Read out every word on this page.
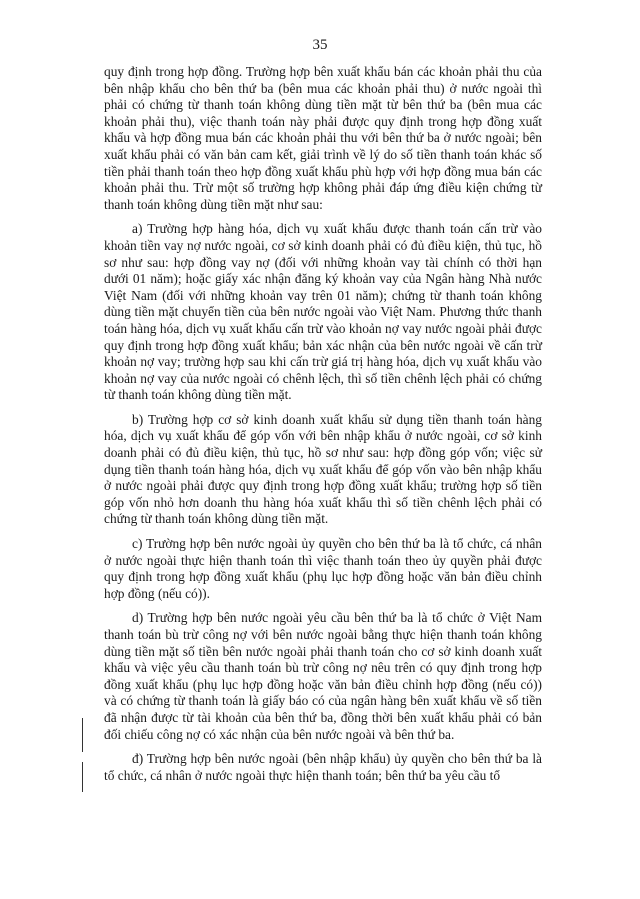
35

quy định trong hợp đồng. Trường hợp bên xuất khẩu bán các khoản phải thu của bên nhập khẩu cho bên thứ ba (bên mua các khoản phải thu) ở nước ngoài thì phải có chứng từ thanh toán không dùng tiền mặt từ bên thứ ba (bên mua các khoản phải thu), việc thanh toán này phải được quy định trong hợp đồng xuất khẩu và hợp đồng mua bán các khoản phải thu với bên thứ ba ở nước ngoài; bên xuất khẩu phải có văn bản cam kết, giải trình về lý do số tiền thanh toán khác số tiền phải thanh toán theo hợp đồng xuất khẩu phù hợp với hợp đồng mua bán các khoản phải thu. Trừ một số trường hợp không phải đáp ứng điều kiện chứng từ thanh toán không dùng tiền mặt như sau:

a) Trường hợp hàng hóa, dịch vụ xuất khẩu được thanh toán cấn trừ vào khoản tiền vay nợ nước ngoài, cơ sở kinh doanh phải có đủ điều kiện, thủ tục, hồ sơ như sau: hợp đồng vay nợ (đối với những khoản vay tài chính có thời hạn dưới 01 năm); hoặc giấy xác nhận đăng ký khoản vay của Ngân hàng Nhà nước Việt Nam (đối với những khoản vay trên 01 năm); chứng từ thanh toán không dùng tiền mặt chuyển tiền của bên nước ngoài vào Việt Nam. Phương thức thanh toán hàng hóa, dịch vụ xuất khẩu cấn trừ vào khoản nợ vay nước ngoài phải được quy định trong hợp đồng xuất khẩu; bản xác nhận của bên nước ngoài về cấn trừ khoản nợ vay; trường hợp sau khi cấn trừ giá trị hàng hóa, dịch vụ xuất khẩu vào khoản nợ vay của nước ngoài có chênh lệch, thì số tiền chênh lệch phải có chứng từ thanh toán không dùng tiền mặt.

b) Trường hợp cơ sở kinh doanh xuất khẩu sử dụng tiền thanh toán hàng hóa, dịch vụ xuất khẩu để góp vốn với bên nhập khẩu ở nước ngoài, cơ sở kinh doanh phải có đủ điều kiện, thủ tục, hồ sơ như sau: hợp đồng góp vốn; việc sử dụng tiền thanh toán hàng hóa, dịch vụ xuất khẩu để góp vốn vào bên nhập khẩu ở nước ngoài phải được quy định trong hợp đồng xuất khẩu; trường hợp số tiền góp vốn nhỏ hơn doanh thu hàng hóa xuất khẩu thì số tiền chênh lệch phải có chứng từ thanh toán không dùng tiền mặt.

c) Trường hợp bên nước ngoài ủy quyền cho bên thứ ba là tổ chức, cá nhân ở nước ngoài thực hiện thanh toán thì việc thanh toán theo ủy quyền phải được quy định trong hợp đồng xuất khẩu (phụ lục hợp đồng hoặc văn bản điều chỉnh hợp đồng (nếu có)).

d) Trường hợp bên nước ngoài yêu cầu bên thứ ba là tổ chức ở Việt Nam thanh toán bù trừ công nợ với bên nước ngoài bằng thực hiện thanh toán không dùng tiền mặt số tiền bên nước ngoài phải thanh toán cho cơ sở kinh doanh xuất khẩu và việc yêu cầu thanh toán bù trừ công nợ nêu trên có quy định trong hợp đồng xuất khẩu (phụ lục hợp đồng hoặc văn bản điều chỉnh hợp đồng (nếu có)) và có chứng từ thanh toán là giấy báo có của ngân hàng bên xuất khẩu về số tiền đã nhận được từ tài khoản của bên thứ ba, đồng thời bên xuất khẩu phải có bản đối chiếu công nợ có xác nhận của bên nước ngoài và bên thứ ba.

đ) Trường hợp bên nước ngoài (bên nhập khẩu) ủy quyền cho bên thứ ba là tổ chức, cá nhân ở nước ngoài thực hiện thanh toán; bên thứ ba yêu cầu tổ
